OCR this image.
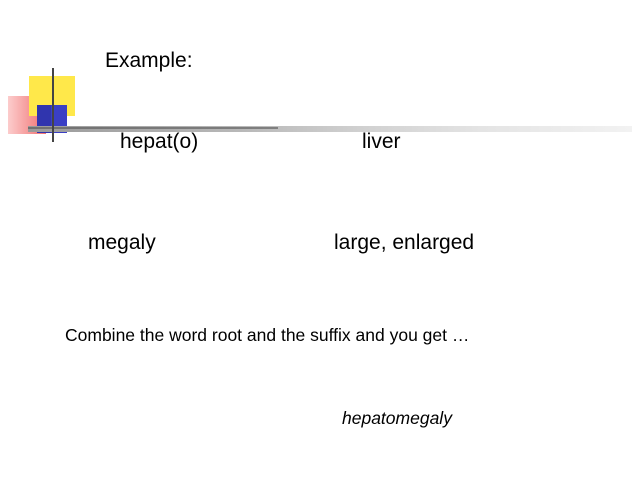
Example:
hepat(o)	liver
megaly	large, enlarged
Combine the word root and the suffix and you get …
hepatomegaly
